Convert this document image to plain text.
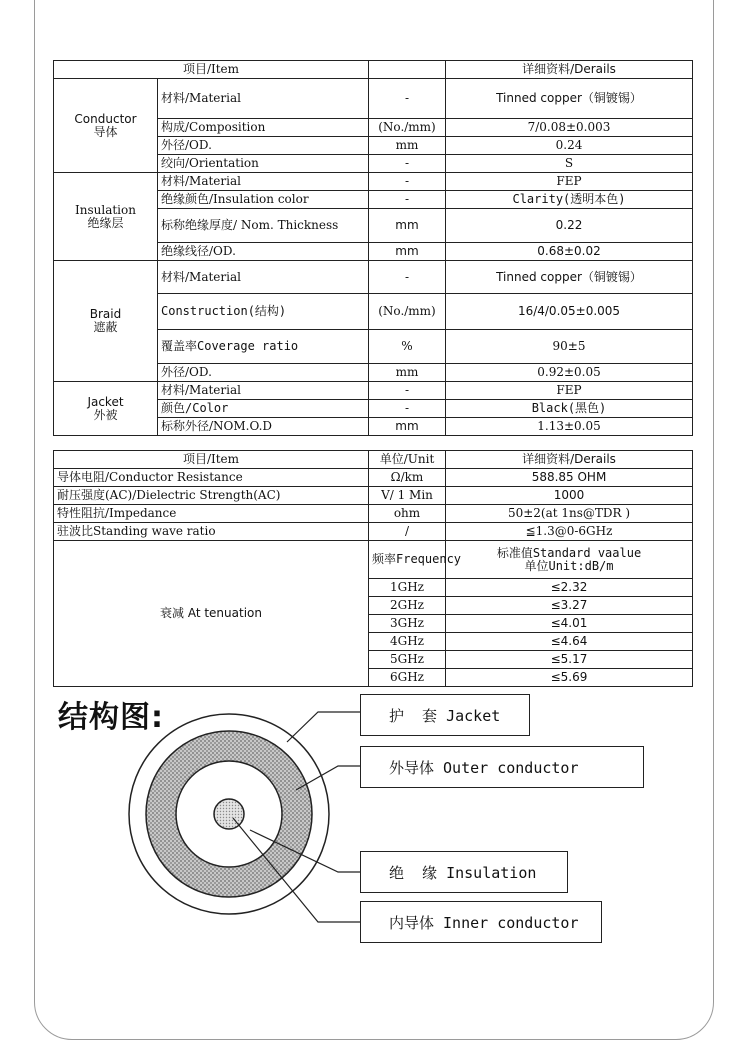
项目/Item			详细资料/Derails
Conductor
导体	材料/Material	-	Tinned copper（铜镀锡）
	构成/Composition	(No./mm)	7/0.08±0.003
	外径/OD.	mm	0.24
	绞向/Orientation	-	S
Insulation
绝缘层	材料/Material	-	FEP
	绝缘颜色/Insulation color	-	Clarity(透明本色)
	标称绝缘厚度/ Nom. Thickness	mm	0.22
	绝缘线径/OD.	mm	0.68±0.02
Braid
遮蔽	材料/Material	-	Tinned copper（铜镀锡）
	Construction(结构)	(No./mm)	16/4/0.05±0.005
	覆盖率Coverage ratio	%	90±5
	外径/OD.	mm	0.92±0.05
Jacket
外被	材料/Material	-	FEP
	颜色/Color	-	Black(黑色)
	标称外径/NOM.O.D	mm	1.13±0.05
项目/Item	单位/Unit	详细资料/Derails
导体电阻/Conductor Resistance	Ω/km	588.85 OHM
耐压强度(AC)/Dielectric Strength(AC)	V/ 1 Min	1000
特性阻抗/Impedance	ohm	50±2(at 1ns@TDR )
驻波比Standing wave ratio	/	≦1.3@0-6GHz
衰减 At tenuation	频率Frequency	标准值Standard vaalue
单位Unit:dB/m
	1GHz	≤2.32
	2GHz	≤3.27
	3GHz	≤4.01
	4GHz	≤4.64
	5GHz	≤5.17
	6GHz	≤5.69
结构图:	护  套 Jacket
外导体 Outer conductor
绝  缘 Insulation
内导体 Inner conductor
